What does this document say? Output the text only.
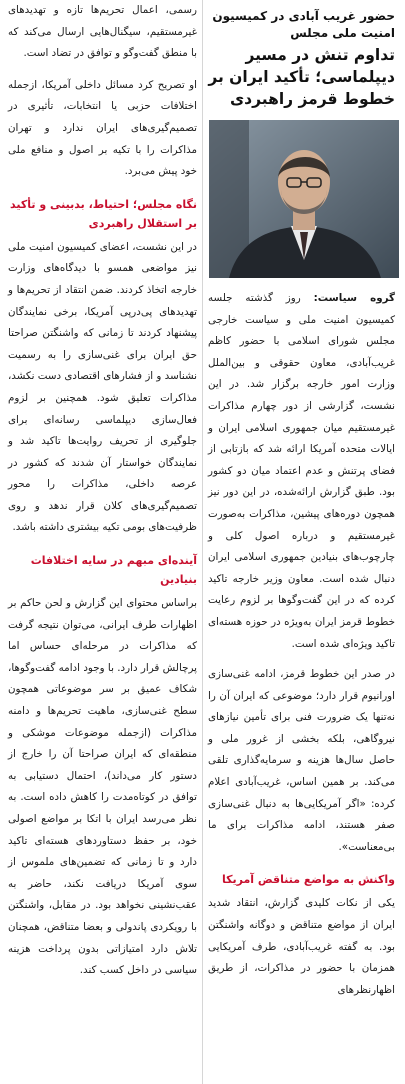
حضور غریب آبادی در کمیسیون امنیت ملی مجلس
تداوم تنش در مسیر دیپلماسی؛ تأکید ایران بر خطوط قرمز راهبردی
گروه سیاست: روز گذشته جلسه کمیسیون امنیت ملی و سیاست خارجی مجلس شورای اسلامی با حضور کاظم غریب‌آبادی، معاون حقوقی و بین‌الملل وزارت امور خارجه برگزار شد. در این نشست، گزارشی از دور چهارم مذاکرات غیرمستقیم میان جمهوری اسلامی ایران و ایالات متحده آمریکا ارائه شد که بازتابی از فضای پرتنش و عدم اعتماد میان دو کشور بود. طبق گزارش ارائه‌شده، در این دور نیز همچون دوره‌های پیشین، مذاکرات به‌صورت غیرمستقیم و درباره اصول کلی و چارچوب‌های بنیادین جمهوری اسلامی ایران دنبال شده است. معاون وزیر خارجه تاکید کرده که در این گفت‌وگوها بر لزوم رعایت خطوط قرمز ایران به‌ویژه در حوزه هسته‌ای تاکید ویژه‌ای شده است.
در صدر این خطوط قرمز، ادامه غنی‌سازی اورانیوم قرار دارد؛ موضوعی که ایران آن را نه‌تنها یک ضرورت فنی برای تأمین نیازهای نیروگاهی، بلکه بخشی از غرور ملی و حاصل سال‌ها هزینه و سرمایه‌گذاری تلقی می‌کند. بر همین اساس، غریب‌آبادی اعلام کرده: «اگر آمریکایی‌ها به دنبال غنی‌سازی صفر هستند، ادامه مذاکرات برای ما بی‌معناست».
واکنش به مواضع متناقض آمریکا
یکی از نکات کلیدی گزارش، انتقاد شدید ایران از مواضع متناقض و دوگانه واشنگتن بود. به گفته غریب‌آبادی، طرف آمریکایی همزمان با حضور در مذاکرات، از طریق اظهارنظرهای
رسمی، اعمال تحریم‌ها تازه و تهدیدهای غیرمستقیم، سیگنال‌هایی ارسال می‌کند که با منطق گفت‌وگو و توافق در تضاد است.
او تصریح کرد مسائل داخلی آمریکا، ازجمله اختلافات حزبی یا انتخابات، تأثیری در تصمیم‌گیری‌های ایران ندارد و تهران مذاکرات را با تکیه بر اصول و منافع ملی خود پیش می‌برد.
نگاه مجلس؛ احتیاط، بدبینی و تأکید بر استقلال راهبردی
در این نشست، اعضای کمیسیون امنیت ملی نیز مواضعی همسو با دیدگاه‌های وزارت خارجه اتخاذ کردند. ضمن انتقاد از تحریم‌ها و تهدیدهای پی‌درپی آمریکا، برخی نمایندگان پیشنهاد کردند تا زمانی که واشنگتن صراحتا حق ایران برای غنی‌سازی را به رسمیت نشناسد و از فشارهای اقتصادی دست نکشد، مذاکرات تعلیق شود. همچنین بر لزوم فعال‌سازی دیپلماسی رسانه‌ای برای جلوگیری از تحریف روایت‌ها تاکید شد و نمایندگان خواستار آن شدند که کشور در عرصه داخلی، مذاکرات را محور تصمیم‌گیری‌های کلان قرار ندهد و روی ظرفیت‌های بومی تکیه بیشتری داشته باشد.
آینده‌ای مبهم در سایه اختلافات بنیادین
براساس محتوای این گزارش و لحن حاکم بر اظهارات طرف ایرانی، می‌توان نتیجه گرفت که مذاکرات در مرحله‌ای حساس اما پرچالش قرار دارد. با وجود ادامه گفت‌وگوها، شکاف عمیق بر سر موضوعاتی همچون سطح غنی‌سازی، ماهیت تحریم‌ها و دامنه مذاکرات (ازجمله موضوعات موشکی و منطقه‌ای که ایران صراحتا آن را خارج از دستور کار می‌داند)، احتمال دستیابی به توافق در کوتاه‌مدت را کاهش داده است. به نظر می‌رسد ایران با اتکا بر مواضع اصولی خود، بر حفظ دستاوردهای هسته‌ای تاکید دارد و تا زمانی که تضمین‌های ملموس از سوی آمریکا دریافت نکند، حاضر به عقب‌نشینی نخواهد بود. در مقابل، واشنگتن با رویکردی پاندولی و بعضا متناقض، همچنان تلاش دارد امتیازاتی بدون پرداخت هزینه سیاسی در داخل کسب کند.
